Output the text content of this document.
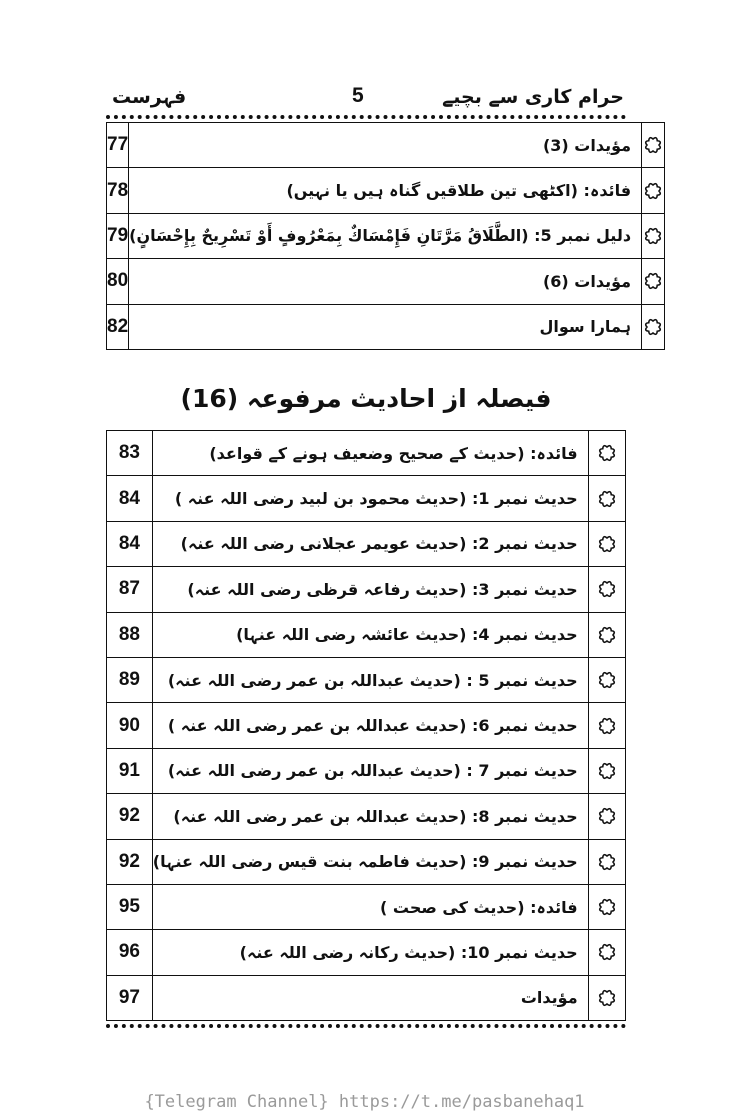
فہرست	5	حرام کاری سے بچیے
77	مؤیدات (3)	

78	فائدہ: (اکٹھی تین طلاقیں گناہ ہیں یا نہیں)	

79	دلیل نمبر 5: (الطَّلَاقُ مَرَّتَانِ فَإِمْسَاكٌ بِمَعْرُوفٍ أَوْ تَسْرِيحٌ بِإِحْسَانٍ)	

80	مؤیدات (6)	

82	ہمارا سوال	
فیصلہ از احادیث مرفوعہ (16)
83	فائدہ: (حدیث کے صحیح وضعیف ہونے کے قواعد)	

84	حدیث نمبر 1: (حدیث محمود بن لبید رضی اللہ عنہ )	

84	حدیث نمبر 2: (حدیث عویمر عجلانی رضی اللہ عنہ)	

87	حدیث نمبر 3: (حدیث رفاعہ قرظی رضی اللہ عنہ)	

88	حدیث نمبر 4: (حدیث عائشہ رضی اللہ عنہا)	

89	حدیث نمبر 5 : (حدیث عبداللہ بن عمر رضی اللہ عنہ)	

90	حدیث نمبر 6: (حدیث عبداللہ بن عمر رضی اللہ عنہ )	

91	حدیث نمبر 7 : (حدیث عبداللہ بن عمر رضی اللہ عنہ)	

92	حدیث نمبر 8: (حدیث عبداللہ بن عمر رضی اللہ عنہ)	

92	حدیث نمبر 9: (حدیث فاطمہ بنت قیس رضی اللہ عنہا)	

95	فائدہ: (حدیث کی صحت )	

96	حدیث نمبر 10: (حدیث رکانہ رضی اللہ عنہ)	

97	مؤیدات	
{Telegram Channel} https://t.me/pasbanehaq1
